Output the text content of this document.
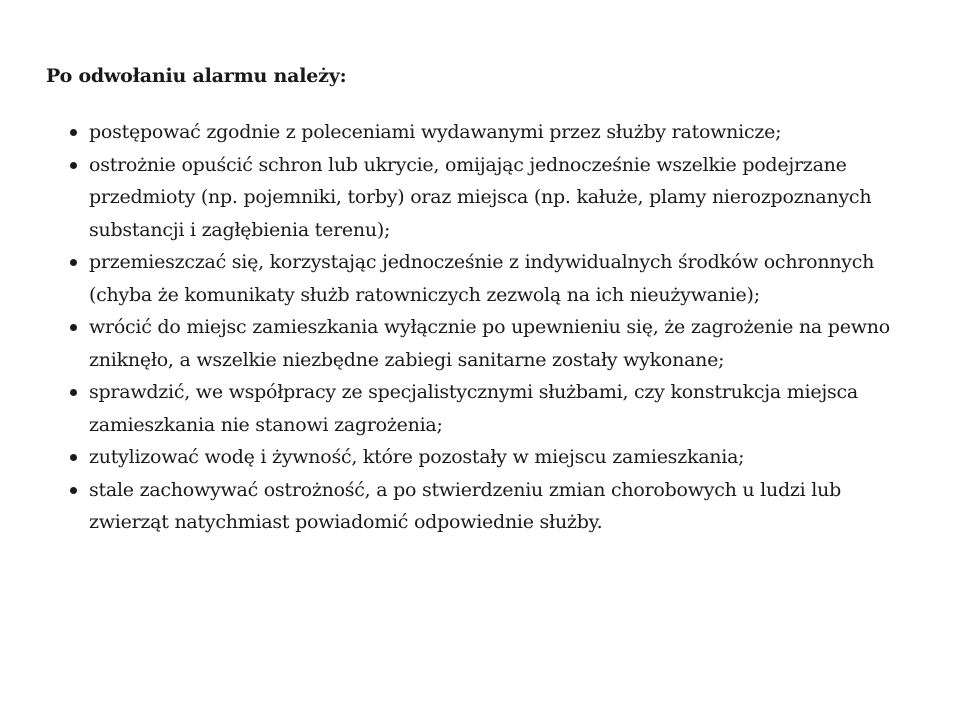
Po odwołaniu alarmu należy:

postępować zgodnie z poleceniami wydawanymi przez służby ratownicze;
ostrożnie opuścić schron lub ukrycie, omijając jednocześnie wszelkie podejrzane przedmioty (np. pojemniki, torby) oraz miejsca (np. kałuże, plamy nierozpoznanych substancji i zagłębienia terenu);
przemieszczać się, korzystając jednocześnie z indywidualnych środków ochronnych (chyba że komunikaty służb ratowniczych zezwolą na ich nieużywanie);
wrócić do miejsc zamieszkania wyłącznie po upewnieniu się, że zagrożenie na pewno zniknęło, a wszelkie niezbędne zabiegi sanitarne zostały wykonane;
sprawdzić, we współpracy ze specjalistycznymi służbami, czy konstrukcja miejsca zamieszkania nie stanowi zagrożenia;
zutylizować wodę i żywność, które pozostały w miejscu zamieszkania;
stale zachowywać ostrożność, a po stwierdzeniu zmian chorobowych u ludzi lub zwierząt natychmiast powiadomić odpowiednie służby.
